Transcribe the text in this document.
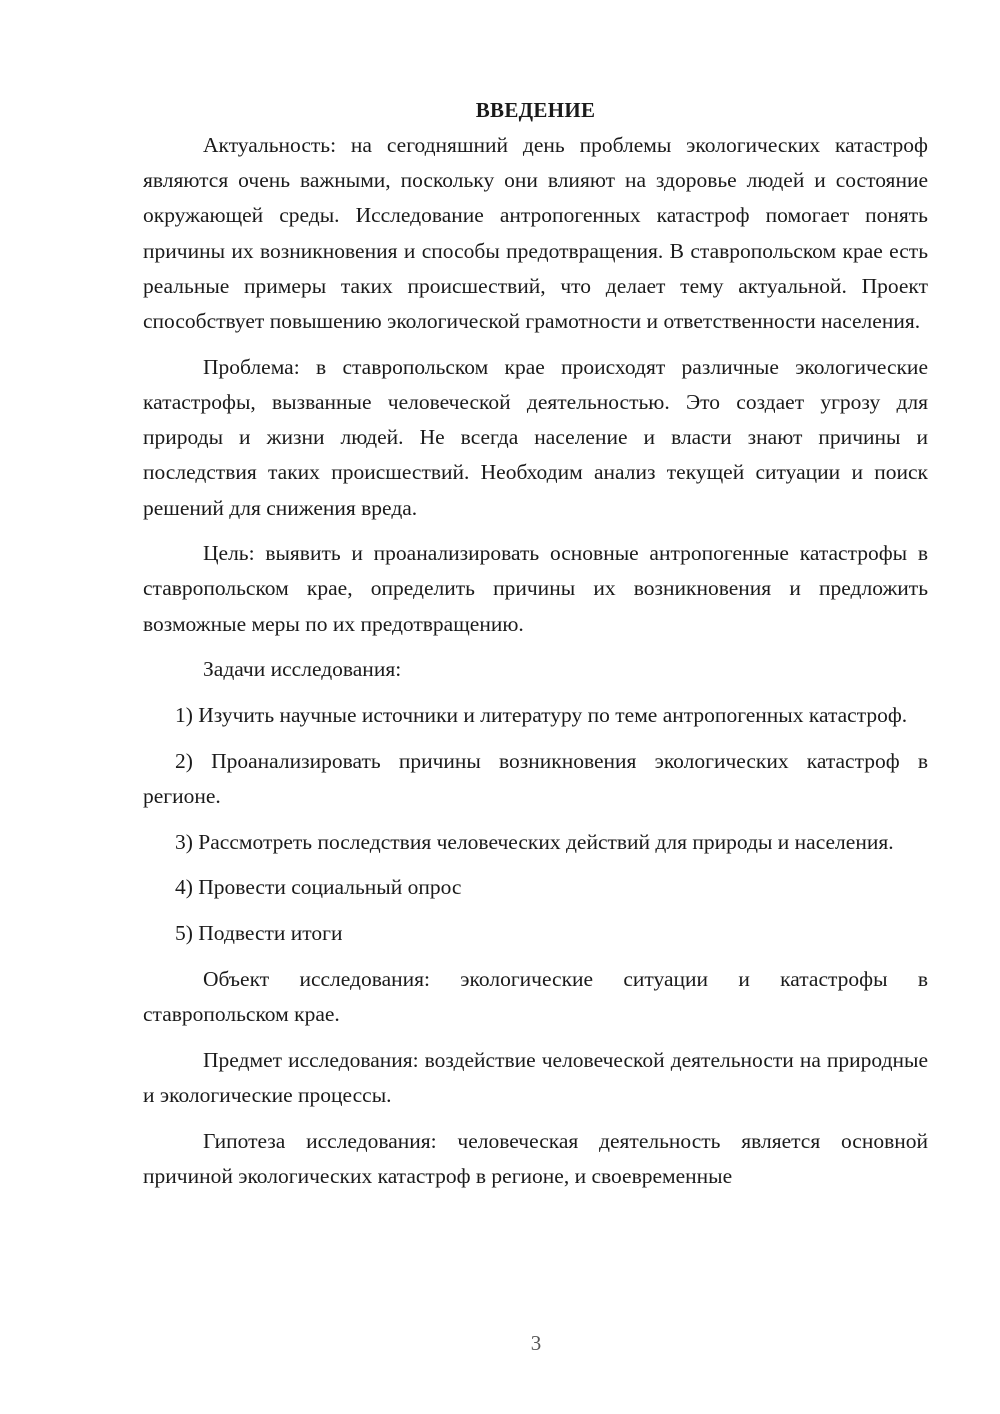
ВВЕДЕНИЕ
Актуальность: на сегодняшний день проблемы экологических катастроф являются очень важными, поскольку они влияют на здоровье людей и состояние окружающей среды. Исследование антропогенных катастроф помогает понять причины их возникновения и способы предотвращения. В ставропольском крае есть реальные примеры таких происшествий, что делает тему актуальной. Проект способствует повышению экологической грамотности и ответственности населения.
Проблема: в ставропольском крае происходят различные экологические катастрофы, вызванные человеческой деятельностью. Это создает угрозу для природы и жизни людей. Не всегда население и власти знают причины и последствия таких происшествий. Необходим анализ текущей ситуации и поиск решений для снижения вреда.
Цель: выявить и проанализировать основные антропогенные катастрофы в ставропольском крае, определить причины их возникновения и предложить возможные меры по их предотвращению.
Задачи исследования:
1) Изучить научные источники и литературу по теме антропогенных катастроф.
2) Проанализировать причины возникновения экологических катастроф в регионе.
3) Рассмотреть последствия человеческих действий для природы и населения.
4) Провести социальный опрос
5) Подвести итоги
Объект исследования: экологические ситуации и катастрофы в ставропольском крае.
Предмет исследования: воздействие человеческой деятельности на природные и экологические процессы.
Гипотеза исследования: человеческая деятельность является основной причиной экологических катастроф в регионе, и своевременные
3
